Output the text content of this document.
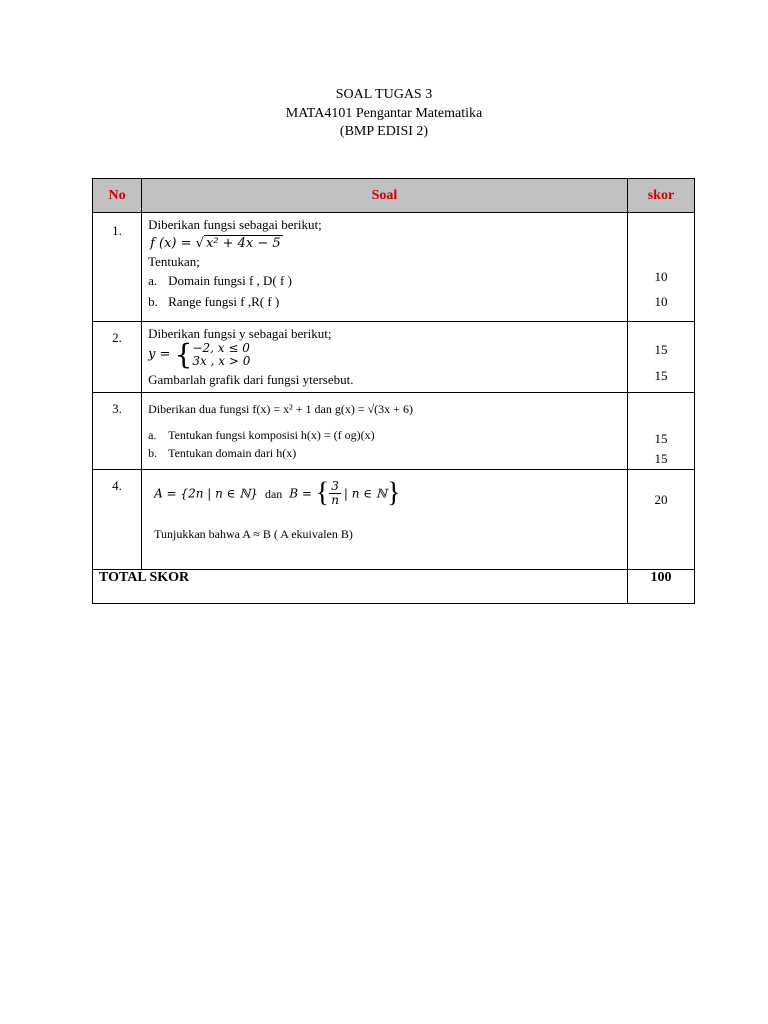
SOAL TUGAS 3
MATA4101 Pengantar Matematika
(BMP EDISI 2)
No	Soal	skor
1.	Diberikan fungsi sebagai berikut;
f (x) = √ x² + 4x − 5
Tentukan;
a. Domain fungsi f , D( f )
b. Range fungsi f ,R( f )	10
10

2.	Diberikan fungsi y sebagai berikut;
y = { −2, x ≤ 0
3x , x > 0
Gambarlah grafik dari fungsi ytersebut.	15
15

3.	Diberikan dua fungsi f(x) = x² + 1 dan g(x) = √(3x + 6)
a. Tentukan fungsi komposisi h(x) = (f og)(x)
b. Tentukan domain dari h(x)	15
15

4.	A = {2n | n ∈ ℕ} dan B = { $\frac{3}{n}$ | n ∈ ℕ}
Tunjukkan bahwa A ≈ B ( A ekuivalen B)	20

TOTAL SKOR		100
